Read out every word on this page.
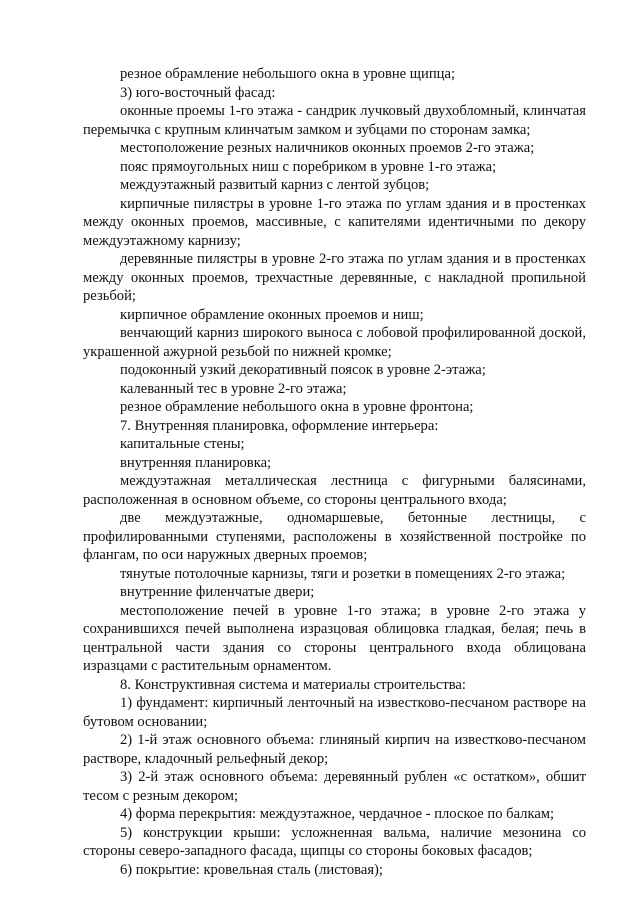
резное обрамление небольшого окна в уровне щипца;

3) юго-восточный фасад:

оконные проемы 1-го этажа - сандрик лучковый двухобломный, клинчатая перемычка с крупным клинчатым замком и зубцами по сторонам замка;

местоположение резных наличников оконных проемов 2-го этажа;

пояс прямоугольных ниш с поребриком в уровне 1-го этажа;

междуэтажный развитый карниз с лентой зубцов;

кирпичные пилястры в уровне 1-го этажа по углам здания и в простенках между оконных проемов, массивные, с капителями идентичными по декору междуэтажному карнизу;

деревянные пилястры в уровне 2-го этажа по углам здания и в простенках между оконных проемов, трехчастные деревянные, с накладной пропильной резьбой;

кирпичное обрамление оконных проемов и ниш;

венчающий карниз широкого выноса с лобовой профилированной доской, украшенной ажурной резьбой по нижней кромке;

подоконный узкий декоративный поясок в уровне 2-этажа;

калеванный тес в уровне 2-го этажа;

резное обрамление небольшого окна в уровне фронтона;

7. Внутренняя планировка, оформление интерьера:

капитальные стены;

внутренняя планировка;

междуэтажная металлическая лестница с фигурными балясинами, расположенная в основном объеме, со стороны центрального входа;

две междуэтажные, одномаршевые, бетонные лестницы, с профилированными ступенями, расположены в хозяйственной постройке по флангам, по оси наружных дверных проемов;

тянутые потолочные карнизы, тяги и розетки в помещениях 2-го этажа;

внутренние филенчатые двери;

местоположение печей в уровне 1-го этажа; в уровне 2-го этажа у сохранившихся печей выполнена изразцовая облицовка гладкая, белая; печь в центральной части здания со стороны центрального входа облицована изразцами с растительным орнаментом.

8. Конструктивная система и материалы строительства:

1) фундамент: кирпичный ленточный на известково-песчаном растворе на бутовом основании;

2) 1-й этаж основного объема: глиняный кирпич на известково-песчаном растворе, кладочный рельефный декор;

3) 2-й этаж основного объема: деревянный рублен «с остатком», обшит тесом с резным декором;

4) форма перекрытия: междуэтажное, чердачное - плоское по балкам;

5) конструкции крыши: усложненная вальма, наличие мезонина со стороны северо-западного фасада, щипцы со стороны боковых фасадов;

6) покрытие: кровельная сталь (листовая);
